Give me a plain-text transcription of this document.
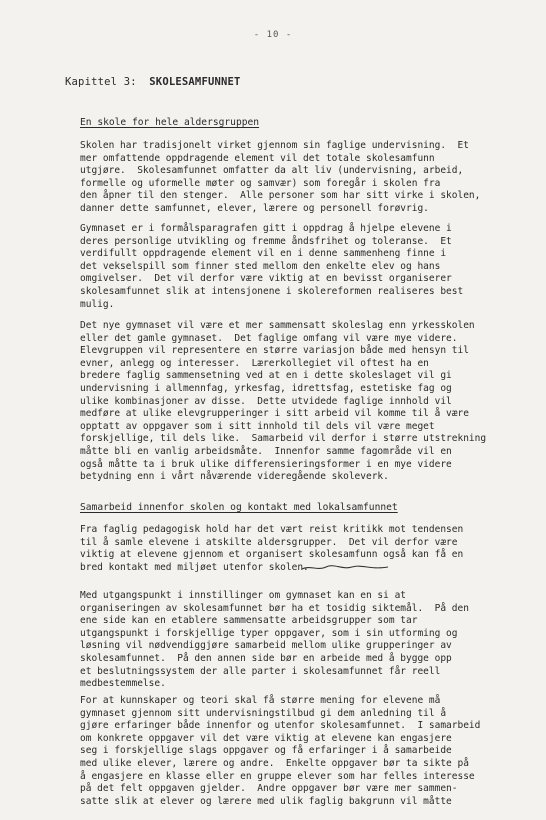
- 10 -
Kapittel 3: SKOLESAMFUNNET
En skole for hele aldersgruppen
Skolen har tradisjonelt virket gjennom sin faglige undervisning.  Et
mer omfattende oppdragende element vil det totale skolesamfunn
utgjøre.  Skolesamfunnet omfatter da alt liv (undervisning, arbeid,
formelle og uformelle møter og samvær) som foregår i skolen fra
den åpner til den stenger.  Alle personer som har sitt virke i skolen,
danner dette samfunnet, elever, lærere og personell forøvrig.
Gymnaset er i formålsparagrafen gitt i oppdrag å hjelpe elevene i
deres personlige utvikling og fremme åndsfrihet og toleranse.  Et
verdifullt oppdragende element vil en i denne sammenheng finne i
det vekselspill som finner sted mellom den enkelte elev og hans
omgivelser.  Det vil derfor være viktig at en bevisst organiserer
skolesamfunnet slik at intensjonene i skolereformen realiseres best
mulig.
Det nye gymnaset vil være et mer sammensatt skoleslag enn yrkesskolen
eller det gamle gymnaset.  Det faglige omfang vil være mye videre.
Elevgruppen vil representere en større variasjon både med hensyn til
evner, anlegg og interesser.  Lærerkollegiet vil oftest ha en
bredere faglig sammensetning ved at en i dette skoleslaget vil gi
undervisning i allmennfag, yrkesfag, idrettsfag, estetiske fag og
ulike kombinasjoner av disse.  Dette utvidede faglige innhold vil
medføre at ulike elevgrupperinger i sitt arbeid vil komme til å være
opptatt av oppgaver som i sitt innhold til dels vil være meget
forskjellige, til dels like.  Samarbeid vil derfor i større utstrekning
måtte bli en vanlig arbeidsmåte.  Innenfor samme fagområde vil en
også måtte ta i bruk ulike differensieringsformer i en mye videre
betydning enn i vårt nåværende videregående skoleverk.
Samarbeid innenfor skolen og kontakt med lokalsamfunnet
Fra faglig pedagogisk hold har det vært reist kritikk mot tendensen
til å samle elevene i atskilte aldersgrupper.  Det vil derfor være
viktig at elevene gjennom et organisert skolesamfunn også kan få en
bred kontakt med miljøet utenfor skolen.
Med utgangspunkt i innstillinger om gymnaset kan en si at
organiseringen av skolesamfunnet bør ha et tosidig siktemål.  På den
ene side kan en etablere sammensatte arbeidsgrupper som tar
utgangspunkt i forskjellige typer oppgaver, som i sin utforming og
løsning vil nødvendiggjøre samarbeid mellom ulike grupperinger av
skolesamfunnet.  På den annen side bør en arbeide med å bygge opp
et beslutningssystem der alle parter i skolesamfunnet får reell
medbestemmelse.
For at kunnskaper og teori skal få større mening for elevene må
gymnaset gjennom sitt undervisningstilbud gi dem anledning til å
gjøre erfaringer både innenfor og utenfor skolesamfunnet.  I samarbeid
om konkrete oppgaver vil det være viktig at elevene kan engasjere
seg i forskjellige slags oppgaver og få erfaringer i å samarbeide
med ulike elever, lærere og andre.  Enkelte oppgaver bør ta sikte på
å engasjere en klasse eller en gruppe elever som har felles interesse
på det felt oppgaven gjelder.  Andre oppgaver bør være mer sammen-
satte slik at elever og lærere med ulik faglig bakgrunn vil måtte
